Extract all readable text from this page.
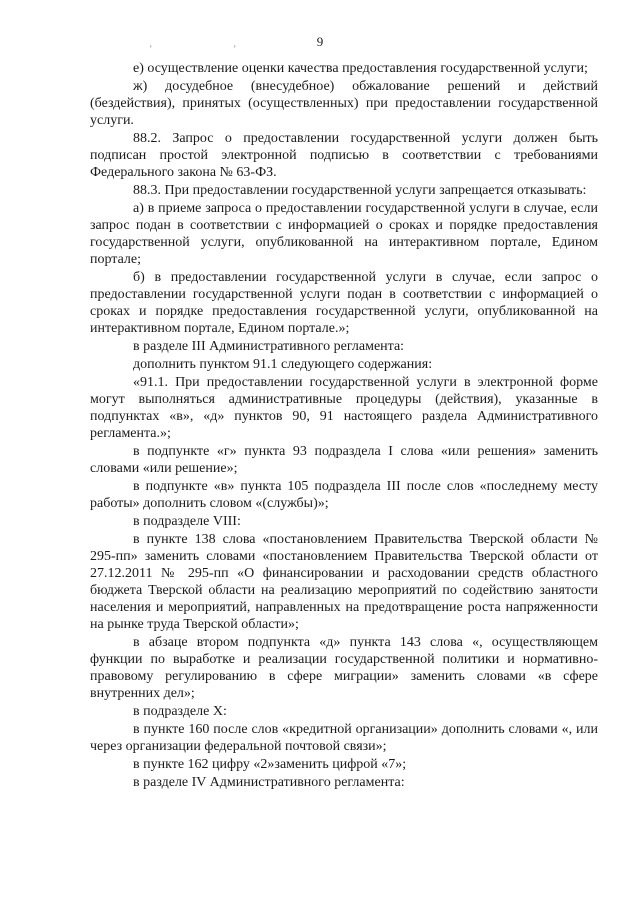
9
'	'

е) осуществление оценки качества предоставления государственной услуги;

ж) досудебное (внесудебное) обжалование решений и действий (бездействия), принятых (осуществленных) при предоставлении государственной услуги.

88.2. Запрос о предоставлении государственной услуги должен быть подписан простой электронной подписью в соответствии с требованиями Федерального закона № 63-ФЗ.

88.3. При предоставлении государственной услуги запрещается отказывать:

а) в приеме запроса о предоставлении государственной услуги в случае, если запрос подан в соответствии с информацией о сроках и порядке предоставления государственной услуги, опубликованной на интерактивном портале, Едином портале;

б) в предоставлении государственной услуги в случае, если запрос о предоставлении государственной услуги подан в соответствии с информацией о сроках и порядке предоставления государственной услуги, опубликованной на интерактивном портале, Едином портале.»;

в разделе III Административного регламента:

дополнить пунктом 91.1 следующего содержания:

«91.1. При предоставлении государственной услуги в электронной форме могут выполняться административные процедуры (действия), указанные в подпунктах «в», «д» пунктов 90, 91 настоящего раздела Административного регламента.»;

в подпункте «г» пункта 93 подраздела I слова «или решения» заменить словами «или решение»;

в подпункте «в» пункта 105 подраздела III после слов «последнему месту работы» дополнить словом «(службы)»;

в подразделе VIII:

в пункте 138 слова «постановлением Правительства Тверской области № 295-пп» заменить словами «постановлением Правительства Тверской области от 27.12.2011 № 295-пп «О финансировании и расходовании средств областного бюджета Тверской области на реализацию мероприятий по содействию занятости населения и мероприятий, направленных на предотвращение роста напряженности на рынке труда Тверской области»;

в абзаце втором подпункта «д» пункта 143 слова «, осуществляющем функции по выработке и реализации государственной политики и нормативно-правовому регулированию в сфере миграции» заменить словами «в сфере внутренних дел»;

в подразделе X:

в пункте 160 после слов «кредитной организации» дополнить словами «, или через организации федеральной почтовой связи»;

в пункте 162 цифру «2»заменить цифрой «7»;

в разделе IV Административного регламента:
